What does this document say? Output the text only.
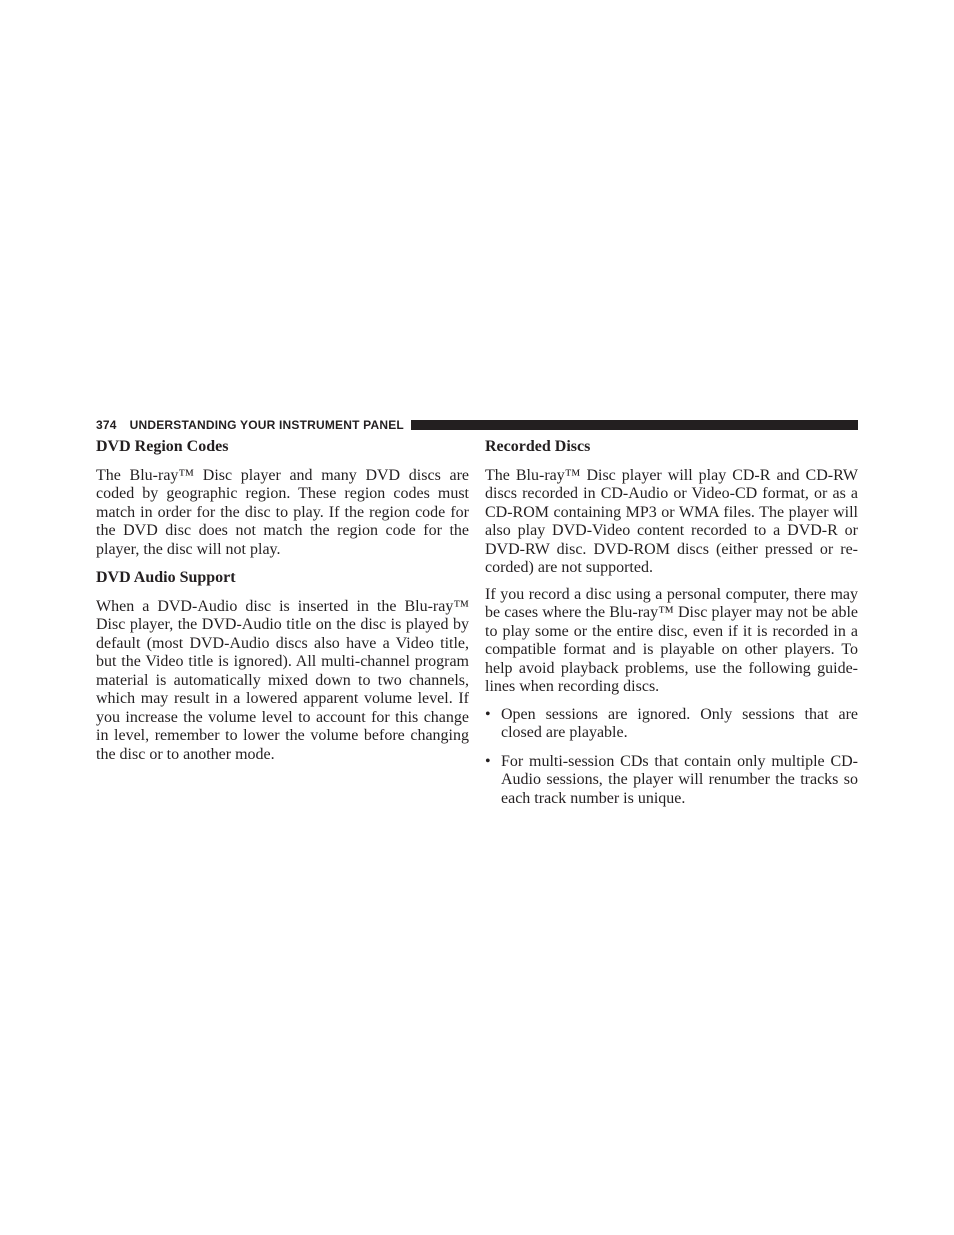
374 UNDERSTANDING YOUR INSTRUMENT PANEL
DVD Region Codes

The Blu-ray™ Disc player and many DVD discs are coded by geographic region. These region codes must match in order for the disc to play. If the region code for the DVD disc does not match the region code for the player, the disc will not play.

DVD Audio Support

When a DVD-Audio disc is inserted in the Blu-ray™ Disc player, the DVD-Audio title on the disc is played by default (most DVD-Audio discs also have a Video title, but the Video title is ignored). All multi-channel program material is automatically mixed down to two channels, which may result in a lowered apparent volume level. If you increase the volume level to account for this change in level, remember to lower the volume before changing the disc or to another mode.

Recorded Discs

The Blu-ray™ Disc player will play CD-R and CD-RW discs recorded in CD-Audio or Video-CD format, or as a CD-ROM containing MP3 or WMA files. The player will also play DVD-Video content recorded to a DVD-R or DVD-RW disc. DVD-ROM discs (either pressed or re-corded) are not supported.

If you record a disc using a personal computer, there may be cases where the Blu-ray™ Disc player may not be able to play some or the entire disc, even if it is recorded in a compatible format and is playable on other players. To help avoid playback problems, use the following guide-lines when recording discs.

• Open sessions are ignored. Only sessions that are closed are playable.
• For multi-session CDs that contain only multiple CD-Audio sessions, the player will renumber the tracks so each track number is unique.
